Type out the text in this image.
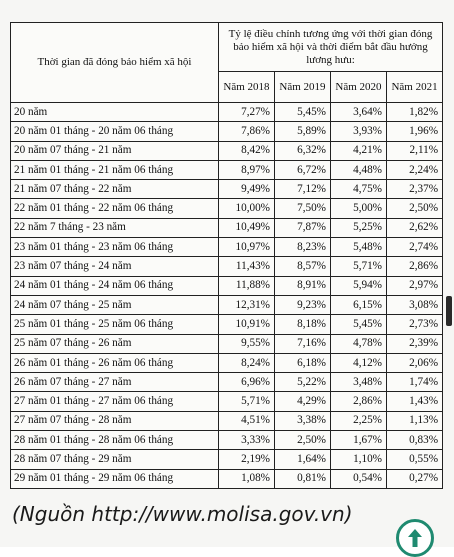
Thời gian đã đóng bảo hiểm xã hội	Tỷ lệ điều chỉnh tương ứng với thời gian đóng bảo hiểm xã hội và thời điểm bắt đầu hưởng lương hưu:			
	Năm 2018	Năm 2019	Năm 2020	Năm 2021
20 năm	7,27%	5,45%	3,64%	1,82%
20 năm 01 tháng - 20 năm 06 tháng	7,86%	5,89%	3,93%	1,96%
20 năm 07 tháng - 21 năm	8,42%	6,32%	4,21%	2,11%
21 năm 01 tháng - 21 năm 06 tháng	8,97%	6,72%	4,48%	2,24%
21 năm 07 tháng - 22 năm	9,49%	7,12%	4,75%	2,37%
22 năm 01 tháng - 22 năm 06 tháng	10,00%	7,50%	5,00%	2,50%
22 năm 7 tháng - 23 năm	10,49%	7,87%	5,25%	2,62%
23 năm 01 tháng - 23 năm 06 tháng	10,97%	8,23%	5,48%	2,74%
23 năm 07 tháng - 24 năm	11,43%	8,57%	5,71%	2,86%
24 năm 01 tháng - 24 năm 06 tháng	11,88%	8,91%	5,94%	2,97%
24 năm 07 tháng - 25 năm	12,31%	9,23%	6,15%	3,08%
25 năm 01 tháng - 25 năm 06 tháng	10,91%	8,18%	5,45%	2,73%
25 năm 07 tháng - 26 năm	9,55%	7,16%	4,78%	2,39%
26 năm 01 tháng - 26 năm 06 tháng	8,24%	6,18%	4,12%	2,06%
26 năm 07 tháng - 27 năm	6,96%	5,22%	3,48%	1,74%
27 năm 01 tháng - 27 năm 06 tháng	5,71%	4,29%	2,86%	1,43%
27 năm 07 tháng - 28 năm	4,51%	3,38%	2,25%	1,13%
28 năm 01 tháng - 28 năm 06 tháng	3,33%	2,50%	1,67%	0,83%
28 năm 07 tháng - 29 năm	2,19%	1,64%	1,10%	0,55%
29 năm 01 tháng - 29 năm 06 tháng	1,08%	0,81%	0,54%	0,27%
(Nguồn http://www.molisa.gov.vn)
